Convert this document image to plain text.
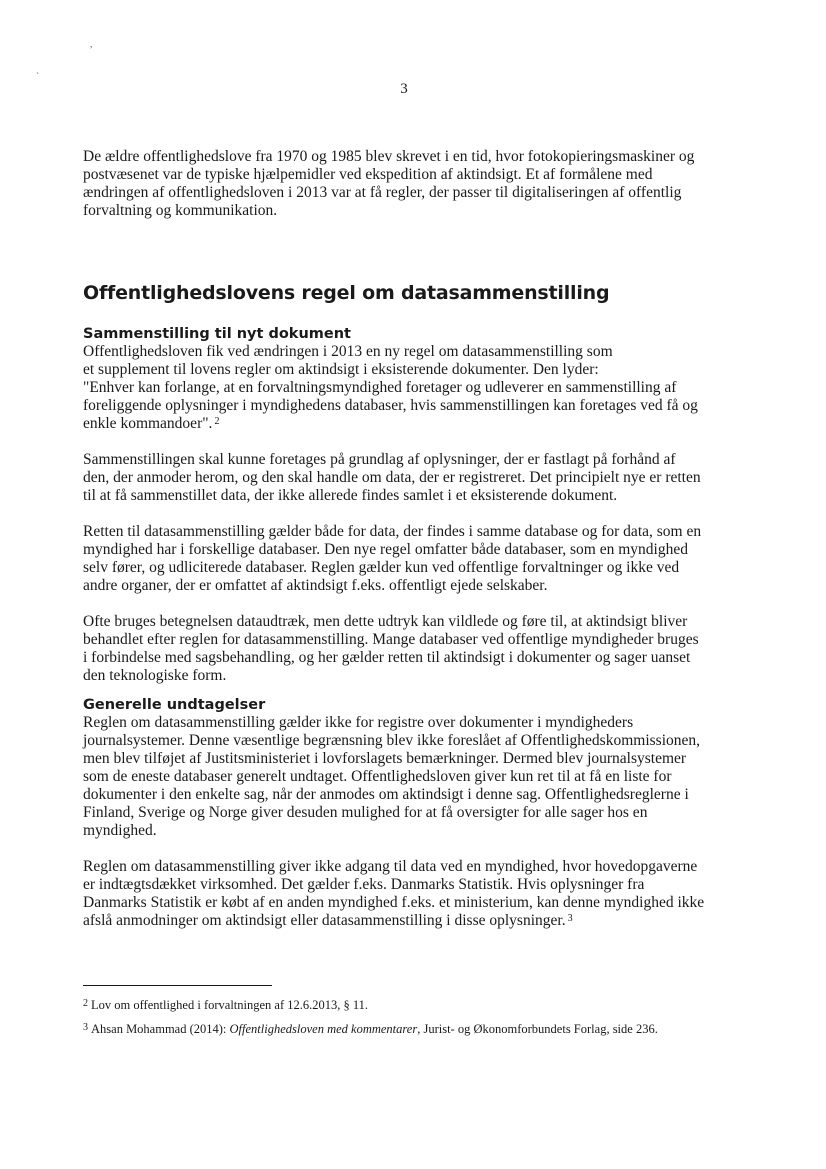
,
`
3

De ældre offentlighedslove fra 1970 og 1985 blev skrevet i en tid, hvor fotokopieringsmaskiner og
postvæsenet var de typiske hjælpemidler ved ekspedition af aktindsigt. Et af formålene med
ændringen af offentlighedsloven i 2013 var at få regler, der passer til digitaliseringen af offentlig
forvaltning og kommunikation.

Offentlighedslovens regel om datasammenstilling
Sammenstilling til nyt dokument

Offentlighedsloven fik ved ændringen i 2013 en ny regel om datasammenstilling som
et supplement til lovens regler om aktindsigt i eksisterende dokumenter. Den lyder:
"Enhver kan forlange, at en forvaltningsmyndighed foretager og udleverer en sammenstilling af
foreliggende oplysninger i myndighedens databaser, hvis sammenstillingen kan foretages ved få og
enkle kommandoer". $^2$

Sammenstillingen skal kunne foretages på grundlag af oplysninger, der er fastlagt på forhånd af
den, der anmoder herom, og den skal handle om data, der er registreret. Det principielt nye er retten
til at få sammenstillet data, der ikke allerede findes samlet i et eksisterende dokument.

Retten til datasammenstilling gælder både for data, der findes i samme database og for data, som en
myndighed har i forskellige databaser. Den nye regel omfatter både databaser, som en myndighed
selv fører, og udliciterede databaser. Reglen gælder kun ved offentlige forvaltninger og ikke ved
andre organer, der er omfattet af aktindsigt f.eks. offentligt ejede selskaber.

Ofte bruges betegnelsen dataudtræk, men dette udtryk kan vildlede og føre til, at aktindsigt bliver
behandlet efter reglen for datasammenstilling. Mange databaser ved offentlige myndigheder bruges
i forbindelse med sagsbehandling, og her gælder retten til aktindsigt i dokumenter og sager uanset
den teknologiske form.

Generelle undtagelser

Reglen om datasammenstilling gælder ikke for registre over dokumenter i myndigheders
journalsystemer. Denne væsentlige begrænsning blev ikke foreslået af Offentlighedskommissionen,
men blev tilføjet af Justitsministeriet i lovforslagets bemærkninger. Dermed blev journalsystemer
som de eneste databaser generelt undtaget. Offentlighedsloven giver kun ret til at få en liste for
dokumenter i den enkelte sag, når der anmodes om aktindsigt i denne sag. Offentlighedsreglerne i
Finland, Sverige og Norge giver desuden mulighed for at få oversigter for alle sager hos en
myndighed.

Reglen om datasammenstilling giver ikke adgang til data ved en myndighed, hvor hovedopgaverne
er indtægtsdækket virksomhed. Det gælder f.eks. Danmarks Statistik. Hvis oplysninger fra
Danmarks Statistik er købt af en anden myndighed f.eks. et ministerium, kan denne myndighed ikke
afslå anmodninger om aktindsigt eller datasammenstilling i disse oplysninger. $^3$

$^2$ Lov om offentlighed i forvaltningen af 12.6.2013, § 11.
$^3$ Ahsan Mohammad (2014): Offentlighedsloven med kommentarer, Jurist- og Økonomforbundets Forlag, side 236.
